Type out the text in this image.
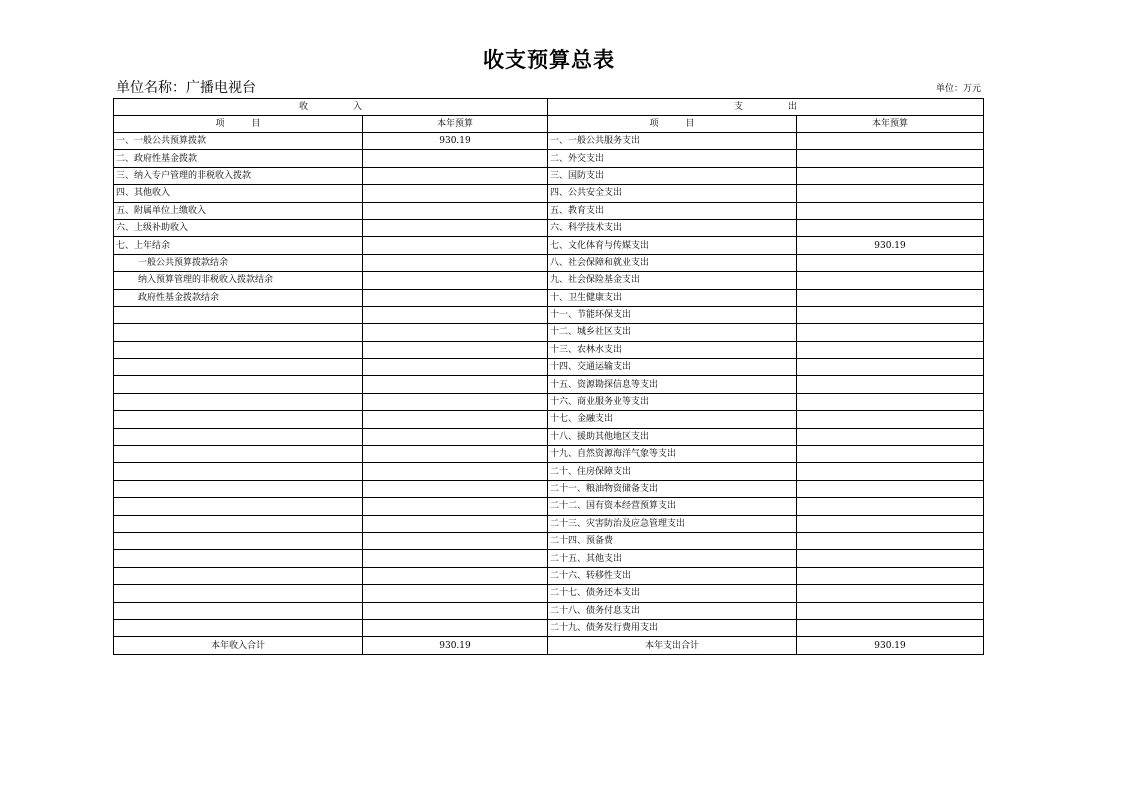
收支预算总表
单位名称：广播电视台	单位：万元
收　　　　　入		支　　　　　出	
项　　　目	本年预算	项　　　目	本年预算
一、一般公共预算拨款	930.19	一、一般公共服务支出	
二、政府性基金拨款		二、外交支出	
三、纳入专户管理的非税收入拨款		三、国防支出	
四、其他收入		四、公共安全支出	
五、附属单位上缴收入		五、教育支出	
六、上级补助收入		六、科学技术支出	
七、上年结余		七、文化体育与传媒支出	930.19
一般公共预算拨款结余		八、社会保障和就业支出	
纳入预算管理的非税收入拨款结余		九、社会保险基金支出	
政府性基金拨款结余		十、卫生健康支出	
		十一、节能环保支出	
		十二、城乡社区支出	
		十三、农林水支出	
		十四、交通运输支出	
		十五、资源勘探信息等支出	
		十六、商业服务业等支出	
		十七、金融支出	
		十八、援助其他地区支出	
		十九、自然资源海洋气象等支出	
		二十、住房保障支出	
		二十一、粮油物资储备支出	
		二十二、国有资本经营预算支出	
		二十三、灾害防治及应急管理支出	
		二十四、预备费	
		二十五、其他支出	
		二十六、转移性支出	
		二十七、债务还本支出	
		二十八、债务付息支出	
		二十九、债务发行费用支出	
本年收入合计	930.19	本年支出合计	930.19
